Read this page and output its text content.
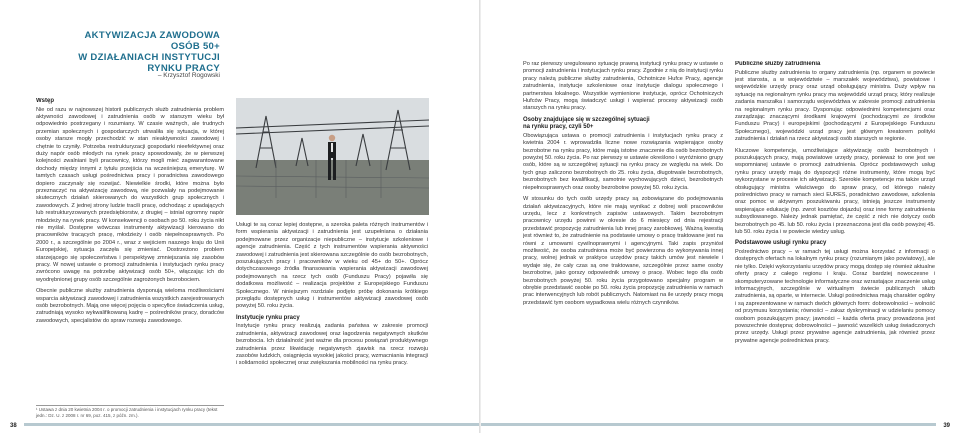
AKTYWIZACJA ZAWODOWA OSÓB 50+
W DZIAŁANIACH INSTYTUCJI
RYNKU PRACY
– Krzysztof Rogowski
Wstęp

Nie od razu w najnowszej historii publicznych służb zatrudnienia problem aktywności zawodowej i zatrudnienia osób w starszym wieku był odpowiednio postrzegany i rozumiany. W czasie ważnych, ale trudnych przemian społecznych i gospodarczych utrwaliła się sytuacja, w której osoby starsze mogły przechodzić w stan nieaktywności zawodowej i chętnie to czyniły. Potrzeba restrukturyzacji gospodarki nieefektywnej oraz duży napór osób młodych na rynek pracy spowodowały, że w pierwszej kolejności zwalniani byli pracownicy, którzy mogli mieć zagwarantowane dochody między innymi z tytułu przejścia na wcześniejszą emeryturę. W tamtych czasach usługi pośrednictwa pracy i poradnictwa zawodowego dopiero zaczynały się rozwijać. Niewielkie środki, które można było przeznaczyć na aktywizację zawodową, nie pozwalały na podejmowanie skutecznych działań skierowanych do wszystkich grup społecznych i zawodowych. Z jednej strony ludzie tracili pracę, odchodząc z upadających lub restrukturyzowanych przedsiębiorstw, z drugiej – istniał ogromny napór młodzieży na rynek pracy. W konsekwencji o osobach po 50. roku życia nikt nie myślał. Dostępne wówczas instrumenty aktywizacji kierowano do pracowników tracących pracę, młodzieży i osób niepełnosprawnych. Po 2000 r., a szczególnie po 2004 r., wraz z wejściem naszego kraju do Unii Europejskiej, sytuacja zaczęła się zmieniać. Dostrzeżono problem starzejącego się społeczeństwa i perspektywę zmniejszania się zasobów pracy. W nowej ustawie o promocji zatrudnienia i instytucjach rynku pracy zwrócono uwagę na potrzebę aktywizacji osób 50+, włączając ich do wyodrębnionej grupy osób szczególnie zagrożonych bezrobociem.

Obecnie publiczne służby zatrudnienia dysponują wieloma możliwościami wsparcia aktywizacji zawodowej i zatrudnienia wszystkich zarejestrowanych osób bezrobotnych. Mają one więcej pojęcia o specyfice świadczenia usług, zatrudniają wysoko wykwalifikowaną kadrę – pośredników pracy, doradców zawodowych, specjalistów do spraw rozwoju zawodowego.

¹ Ustawa z dnia 20 kwietnia 2004 r. o promocji zatrudnienia i instytucjach rynku pracy (tekst jedn.: Dz. U. z 2008 r. nr 69, poz. 415, z późn. zm.).

Usługi te są coraz lepiej dostępne, a szeroka paleta różnych instrumentów i form wspierania aktywizacji i zatrudnienia jest uzupełniana o działania podejmowane przez organizacje niepubliczne – instytucje szkoleniowe i agencje zatrudnienia. Część z tych instrumentów wspierania aktywności zawodowej i zatrudnienia jest skierowana szczególnie do osób bezrobotnych, poszukujących pracy i pracowników w wieku od 45+ do 50+. Oprócz dotychczasowego źródła finansowania wspierania aktywizacji zawodowej podejmowanych na rzecz tych osób (Funduszu Pracy) pojawiła się dodatkowa możliwość – realizacja projektów z Europejskiego Funduszu Społecznego. W niniejszym rozdziale podjęto próbę dokonania krótkiego przeglądu dostępnych usług i instrumentów aktywizacji zawodowej osób powyżej 50. roku życia.

Instytucje rynku pracy

Instytucje rynku pracy realizują zadania państwa w zakresie promocji zatrudnienia, aktywizacji zawodowej oraz łagodzenia negatywnych skutków bezrobocia. Ich działalność jest ważne dla procesu powiązań produktywnego zatrudnienia przez likwidację negatywnych zjawisk na rzecz rozwoju zasobów ludzkich, osiągnięcia wysokiej jakości pracy, wzmacniania integracji i solidarności społecznej oraz zwiększania mobilności na rynku pracy.

Po raz pierwszy uregulowano sytuację prawną instytucji rynku pracy w ustawie o promocji zatrudnienia i instytucjach rynku pracy. Zgodnie z nią do instytucji rynku pracy należą publiczne służby zatrudnienia, Ochotnicze Hufce Pracy, agencje zatrudnienia, instytucje szkoleniowe oraz instytucje dialogu społecznego i partnerstwa lokalnego. Wszystkie wymienione instytucje, oprócz Ochotniczych Hufców Pracy, mogą świadczyć usługi i wspierać procesy aktywizacji osób starszych na rynku pracy.

Osoby znajdujące się w szczególnej sytuacji
na rynku pracy, czyli 50+

Obowiązująca ustawa o promocji zatrudnienia i instytucjach rynku pracy z kwietnia 2004 r. wprowadziła liczne nowe rozwiązania wspierające osoby bezrobotne na rynku pracy, które mają istotne znaczenie dla osób bezrobotnych powyżej 50. roku życia. Po raz pierwszy w ustawie określono i wyróżniono grupy osób, które są w szczególnej sytuacji na rynku pracy ze względu na wiek. Do tych grup zaliczono bezrobotnych do 25. roku życia, długotrwale bezrobotnych, bezrobotnych bez kwalifikacji, samotnie wychowujących dzieci, bezrobotnych niepełnosprawnych oraz osoby bezrobotne powyżej 50. roku życia.

W stosunku do tych osób urzędy pracy są zobowiązane do podejmowania działań aktywizacyjnych, które nie mają wynikać z dobrej woli pracowników urzędu, lecz z konkretnych zapisów ustawowych. Takim bezrobotnym pracownicy urzędu powinni w okresie do 6 miesięcy od dnia rejestracji przedstawić propozycję zatrudnienia lub innej pracy zarobkowej. Ważną kwestią jest również to, że zatrudnienie na podstawie umowy o pracę traktowane jest na równi z umowami cywilnoprawnymi i agencyjnymi. Taki zapis przyniósł możliwość, że osoba zatrudniona może być powierzona do wykonywania innej pracy, wolnej jednak w praktyce urzędów pracy takich umów jest niewiele i wydaje się, że cały czas są one traktowane, szczególnie przez same osoby bezrobotne, jako gorszy odpowiednik umowy o pracę. Wobec tego dla osób bezrobotnych powyżej 50. roku życia przygotowano specjalny program w obrębie przedstawić osobie po 50. roku życia propozycję zatrudnienia w ramach prac interwencyjnych lub robót publicznych. Natomiast na ile urzędy pracy mogą przedstawić tym osobom wypadkowa wielu różnych czynników.

Publiczne służby zatrudnienia

Publiczne służby zatrudnienia to organy zatrudnienia (np. organem w powiecie jest starosta, a w województwie – marszałek województwa), powiatowe i wojewódzkie urzędy pracy oraz urząd obsługujący ministra. Duży wpływ na sytuację na regionalnym rynku pracy ma wojewódzki urząd pracy, który realizuje zadania marszałka i samorządu województwa w zakresie promocji zatrudnienia na regionalnym rynku pracy. Dysponując odpowiednimi kompetencjami oraz zarządzając znaczącymi środkami krajowymi (pochodzącymi ze środków Funduszu Pracy) i europejskimi (pochodzącymi z Europejskiego Funduszu Społecznego), wojewódzki urząd pracy jest głównym kreatorem polityki zatrudnienia i działań na rzecz aktywizacji osób starszych w regionie.

Kluczowe kompetencje, umożliwiające aktywizację osób bezrobotnych i poszukujących pracy, mają powiatowe urzędy pracy, ponieważ to one jest we wspomnianej ustawie o promocji zatrudnienia. Oprócz podstawowych usług rynku pracy urzędy mają do dyspozycji różne instrumenty, które mogą być wykorzystane w procesie ich aktywizacji. Szerokie kompetencje ma także urząd obsługujący ministra właściwego do spraw pracy, od którego należy pośrednictwo pracy w ramach sieci EURES, poradnictwo zawodowe, szkolenia oraz pomoc w aktywnym poszukiwaniu pracy, istnieją jeszcze instrumenty wspierające edukację (np. zwrot kosztów dojazdu) oraz inne formy zatrudnienia subsydiowanego. Należy jednak pamiętać, że część z nich nie dotyczy osób bezrobotnych po 45. lub 50. roku życia i przeznaczona jest dla osób powyżej 45. lub 50. roku życia i w powiecie wiedzy usług.

Podstawowe usługi rynku pracy

Pośrednictwo pracy – w ramach tej usługi można korzystać z informacji o dostępnych ofertach na lokalnym rynku pracy (rozumianym jako powiatowy), ale nie tylko. Dzięki wykorzystaniu urzędów pracy mogą dostęp się również aktualne oferty pracy z całego regionu i kraju. Coraz bardziej nowoczesne i skomputeryzowane technologie informatyczne oraz wzrastające znaczenie usług informacyjnych, szczególnie w wirtualnym świecie publicznych służb zatrudnienia, są oparte, w internecie. Usługi pośrednictwa mają charakter ogólny i są zaprezentowane w ramach dwóch głównych form: dobrowolności – wolność od przymusu korzystania; równości – zakaz dyskryminacji w udzielaniu pomocy osobom poszukującym pracy; jawności – każda oferta pracy prowadzona jest powszechnie dostępna; dobrowolności – jawność wszelkich usług świadczonych przez urzędy. Usługi przez prywatne agencje zatrudnienia, jak również przez prywatne agencje pośrednictwa pracy.

38	39
